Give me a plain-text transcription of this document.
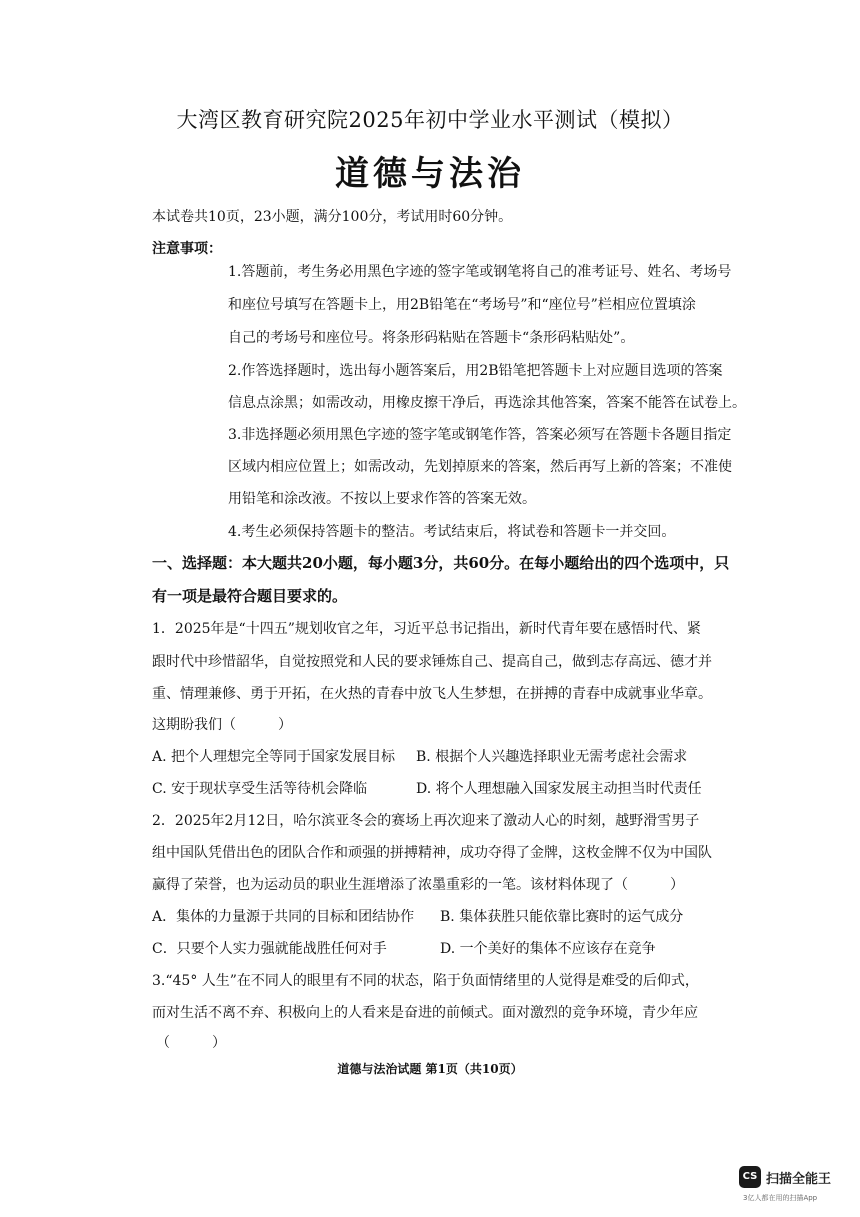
大湾区教育研究院2025年初中学业水平测试（模拟）
道德与法治
本试卷共10页，23小题，满分100分，考试用时60分钟。
注意事项：
1.答题前，考生务必用黑色字迹的签字笔或钢笔将自己的准考证号、姓名、考场号
和座位号填写在答题卡上，用2B铅笔在“考场号”和“座位号”栏相应位置填涂
自己的考场号和座位号。将条形码粘贴在答题卡“条形码粘贴处”。
2.作答选择题时，选出每小题答案后，用2B铅笔把答题卡上对应题目选项的答案
信息点涂黑；如需改动，用橡皮擦干净后，再选涂其他答案，答案不能答在试卷上。
3.非选择题必须用黑色字迹的签字笔或钢笔作答，答案必须写在答题卡各题目指定
区域内相应位置上；如需改动，先划掉原来的答案，然后再写上新的答案；不准使
用铅笔和涂改液。不按以上要求作答的答案无效。
4.考生必须保持答题卡的整洁。考试结束后，将试卷和答题卡一并交回。
一、选择题：本大题共20小题，每小题3分，共60分。在每小题给出的四个选项中，只
有一项是最符合题目要求的。
1．2025年是“十四五”规划收官之年，习近平总书记指出，新时代青年要在感悟时代、紧
跟时代中珍惜韶华，自觉按照党和人民的要求锤炼自己、提高自己，做到志存高远、德才并
重、情理兼修、勇于开拓，在火热的青春中放飞人生梦想，在拼搏的青春中成就事业华章。
这期盼我们（　　　）
A. 把个人理想完全等同于国家发展目标 B. 根据个人兴趣选择职业无需考虑社会需求
C. 安于现状享受生活等待机会降临	D. 将个人理想融入国家发展主动担当时代责任
2．2025年2月12日，哈尔滨亚冬会的赛场上再次迎来了激动人心的时刻，越野滑雪男子
组中国队凭借出色的团队合作和顽强的拼搏精神，成功夺得了金牌，这枚金牌不仅为中国队
赢得了荣誉，也为运动员的职业生涯增添了浓墨重彩的一笔。该材料体现了（　　　）
A．集体的力量源于共同的目标和团结协作 B. 集体获胜只能依靠比赛时的运气成分
C．只要个人实力强就能战胜任何对手	D. 一个美好的集体不应该存在竞争
3.“45° 人生”在不同人的眼里有不同的状态，陷于负面情绪里的人觉得是难受的后仰式，
而对生活不离不弃、积极向上的人看来是奋进的前倾式。面对激烈的竞争环境，青少年应
（　　　）
道德与法治试题 第1页（共10页）
CS 扫描全能王
3亿人都在用的扫描App
